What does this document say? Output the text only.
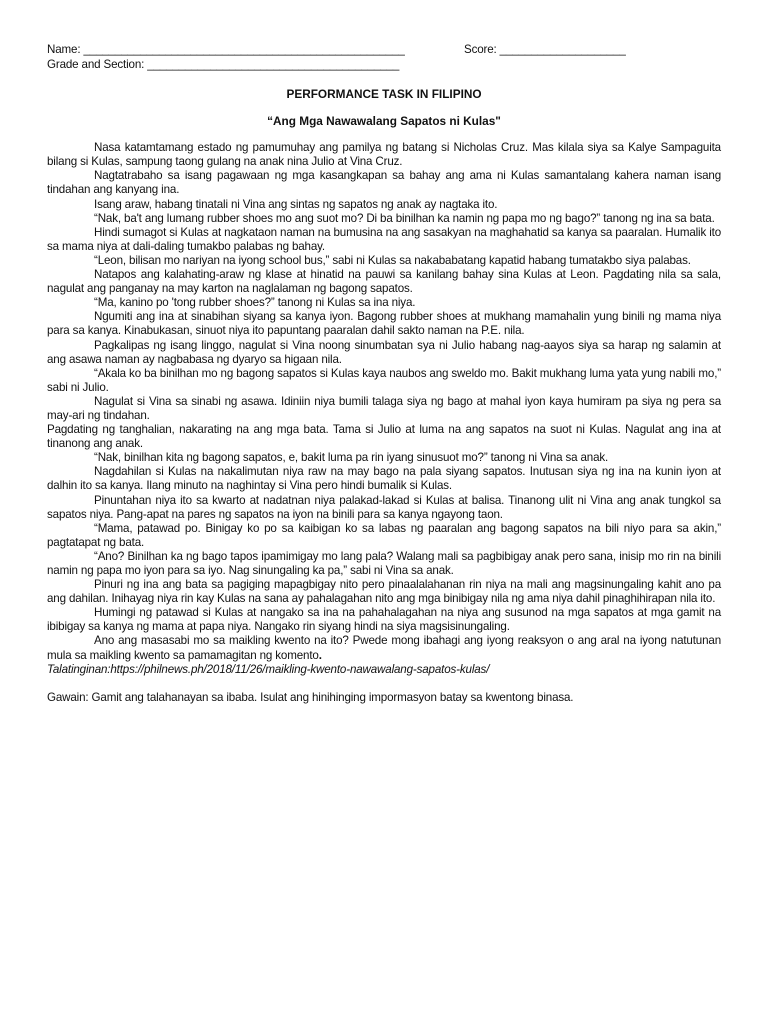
Name: ___________________________________________________	Score: ____________________
Grade and Section: ________________________________________
PERFORMANCE TASK IN FILIPINO
“Ang Mga Nawawalang Sapatos ni Kulas"

Nasa katamtamang estado ng pamumuhay ang pamilya ng batang si Nicholas Cruz. Mas kilala siya sa Kalye Sampaguita bilang si Kulas, sampung taong gulang na anak nina Julio at Vina Cruz.

Nagtatrabaho sa isang pagawaan ng mga kasangkapan sa bahay ang ama ni Kulas samantalang kahera naman isang tindahan ang kanyang ina.

Isang araw, habang tinatali ni Vina ang sintas ng sapatos ng anak ay nagtaka ito.

“Nak, ba't ang lumang rubber shoes mo ang suot mo? Di ba binilhan ka namin ng papa mo ng bago?” tanong ng ina sa bata.

Hindi sumagot si Kulas at nagkataon naman na bumusina na ang sasakyan na maghahatid sa kanya sa paaralan. Humalik ito sa mama niya at dali-daling tumakbo palabas ng bahay.

“Leon, bilisan mo nariyan na iyong school bus,” sabi ni Kulas sa nakababatang kapatid habang tumatakbo siya palabas.

Natapos ang kalahating-araw ng klase at hinatid na pauwi sa kanilang bahay sina Kulas at Leon. Pagdating nila sa sala, nagulat ang panganay na may karton na naglalaman ng bagong sapatos.

“Ma, kanino po 'tong rubber shoes?” tanong ni Kulas sa ina niya.

Ngumiti ang ina at sinabihan siyang sa kanya iyon. Bagong rubber shoes at mukhang mamahalin yung binili ng mama niya para sa kanya. Kinabukasan, sinuot niya ito papuntang paaralan dahil sakto naman na P.E. nila.

Pagkalipas ng isang linggo, nagulat si Vina noong sinumbatan sya ni Julio habang nag-aayos siya sa harap ng salamin at ang asawa naman ay nagbabasa ng dyaryo sa higaan nila.

“Akala ko ba binilhan mo ng bagong sapatos si Kulas kaya naubos ang sweldo mo. Bakit mukhang luma yata yung nabili mo,” sabi ni Julio.

Nagulat si Vina sa sinabi ng asawa. Idiniin niya bumili talaga siya ng bago at mahal iyon kaya humiram pa siya ng pera sa may-ari ng tindahan.

Pagdating ng tanghalian, nakarating na ang mga bata. Tama si Julio at luma na ang sapatos na suot ni Kulas. Nagulat ang ina at tinanong ang anak.

“Nak, binilhan kita ng bagong sapatos, e, bakit luma pa rin iyang sinusuot mo?” tanong ni Vina sa anak.

Nagdahilan si Kulas na nakalimutan niya raw na may bago na pala siyang sapatos. Inutusan siya ng ina na kunin iyon at dalhin ito sa kanya. Ilang minuto na naghintay si Vina pero hindi bumalik si Kulas.

Pinuntahan niya ito sa kwarto at nadatnan niya palakad-lakad si Kulas at balisa. Tinanong ulit ni Vina ang anak tungkol sa sapatos niya. Pang-apat na pares ng sapatos na iyon na binili para sa kanya ngayong taon.

“Mama, patawad po. Binigay ko po sa kaibigan ko sa labas ng paaralan ang bagong sapatos na bili niyo para sa akin,” pagtatapat ng bata.

“Ano? Binilhan ka ng bago tapos ipamimigay mo lang pala? Walang mali sa pagbibigay anak pero sana, inisip mo rin na binili namin ng papa mo iyon para sa iyo. Nag sinungaling ka pa,” sabi ni Vina sa anak.

Pinuri ng ina ang bata sa pagiging mapagbigay nito pero pinaalalahanan rin niya na mali ang magsinungaling kahit ano pa ang dahilan. Inihayag niya rin kay Kulas na sana ay pahalagahan nito ang mga binibigay nila ng ama niya dahil pinaghihirapan nila ito.

Humingi ng patawad si Kulas at nangako sa ina na pahahalagahan na niya ang susunod na mga sapatos at mga gamit na ibibigay sa kanya ng mama at papa niya. Nangako rin siyang hindi na siya magsisinungaling.

Ano ang masasabi mo sa maikling kwento na ito? Pwede mong ibahagi ang iyong reaksyon o ang aral na iyong natutunan mula sa maikling kwento sa pamamagitan ng komento.

Talatinginan:https://philnews.ph/2018/11/26/maikling-kwento-nawawalang-sapatos-kulas/

Gawain: Gamit ang talahanayan sa ibaba. Isulat ang hinihinging impormasyon batay sa kwentong binasa.
